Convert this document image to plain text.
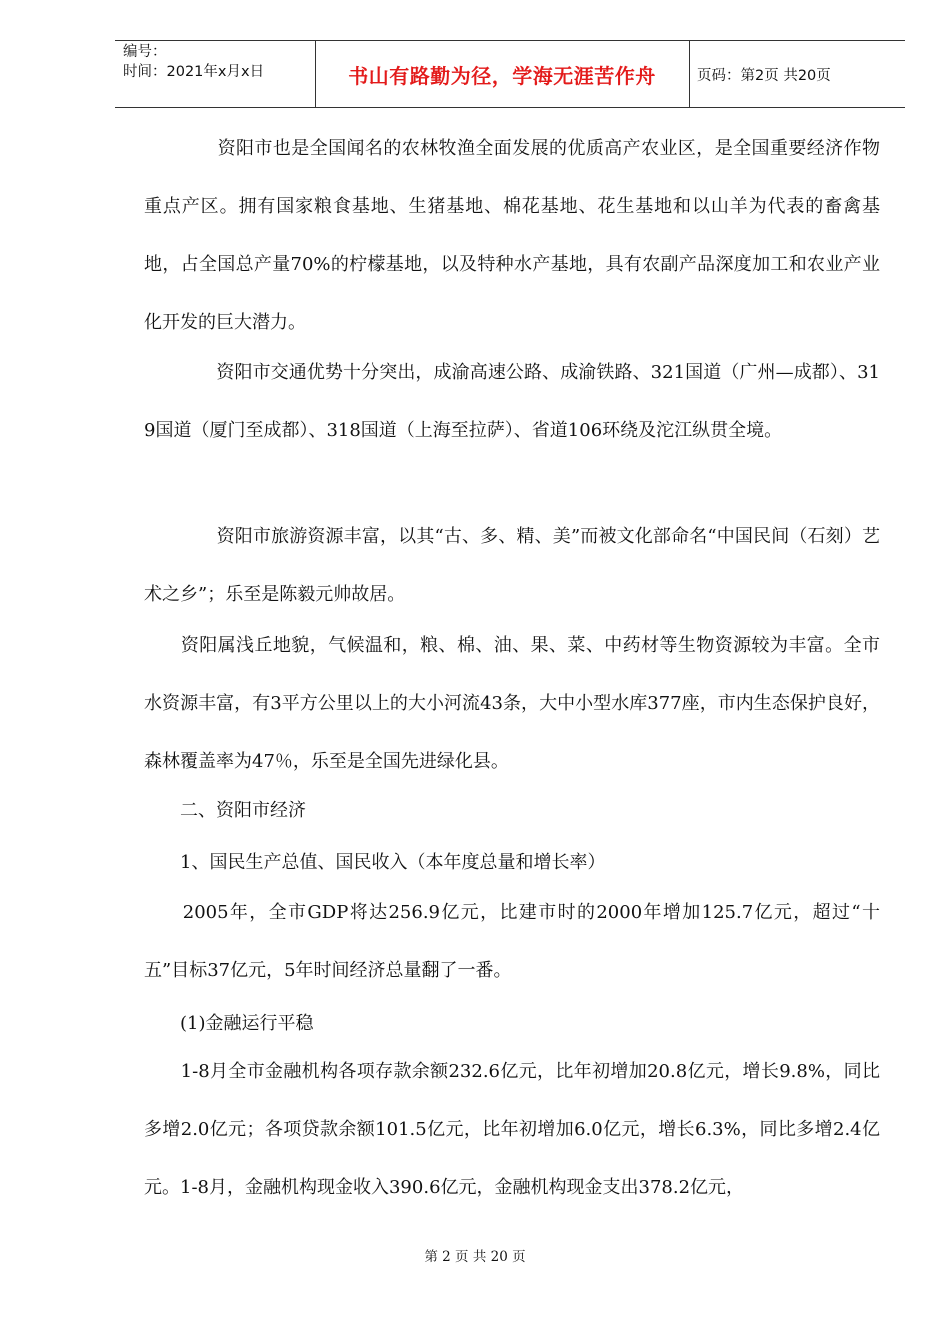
编号：
时间：2021年x月x日	书山有路勤为径，学海无涯苦作舟	页码：第2页 共20页

　　　　资阳市也是全国闻名的农林牧渔全面发展的优质高产农业区，是全国重要经济作物重点产区。拥有国家粮食基地、生猪基地、棉花基地、花生基地和以山羊为代表的畜禽基地，占全国总产量70%的柠檬基地，以及特种水产基地，具有农副产品深度加工和农业产业化开发的巨大潜力。

　　　　资阳市交通优势十分突出，成渝高速公路、成渝铁路、321国道（广州—成都）、319国道（厦门至成都）、318国道（上海至拉萨）、省道106环绕及沱江纵贯全境。

　　　　资阳市旅游资源丰富，以其“古、多、精、美”而被文化部命名“中国民间（石刻）艺术之乡”；乐至是陈毅元帅故居。

　　资阳属浅丘地貌，气候温和，粮、棉、油、果、菜、中药材等生物资源较为丰富。全市水资源丰富，有3平方公里以上的大小河流43条，大中小型水库377座，市内生态保护良好，森林覆盖率为47％，乐至是全国先进绿化县。

　　二、资阳市经济

　　1、国民生产总值、国民收入（本年度总量和增长率）

　　2005年，全市GDP将达256.9亿元，比建市时的2000年增加125.7亿元，超过“十五”目标37亿元，5年时间经济总量翻了一番。

　　(1)金融运行平稳

　　1-8月全市金融机构各项存款余额232.6亿元，比年初增加20.8亿元，增长9.8%，同比多增2.0亿元；各项贷款余额101.5亿元，比年初增加6.0亿元，增长6.3%，同比多增2.4亿元。1-8月，金融机构现金收入390.6亿元，金融机构现金支出378.2亿元，

第 2 页 共 20 页
